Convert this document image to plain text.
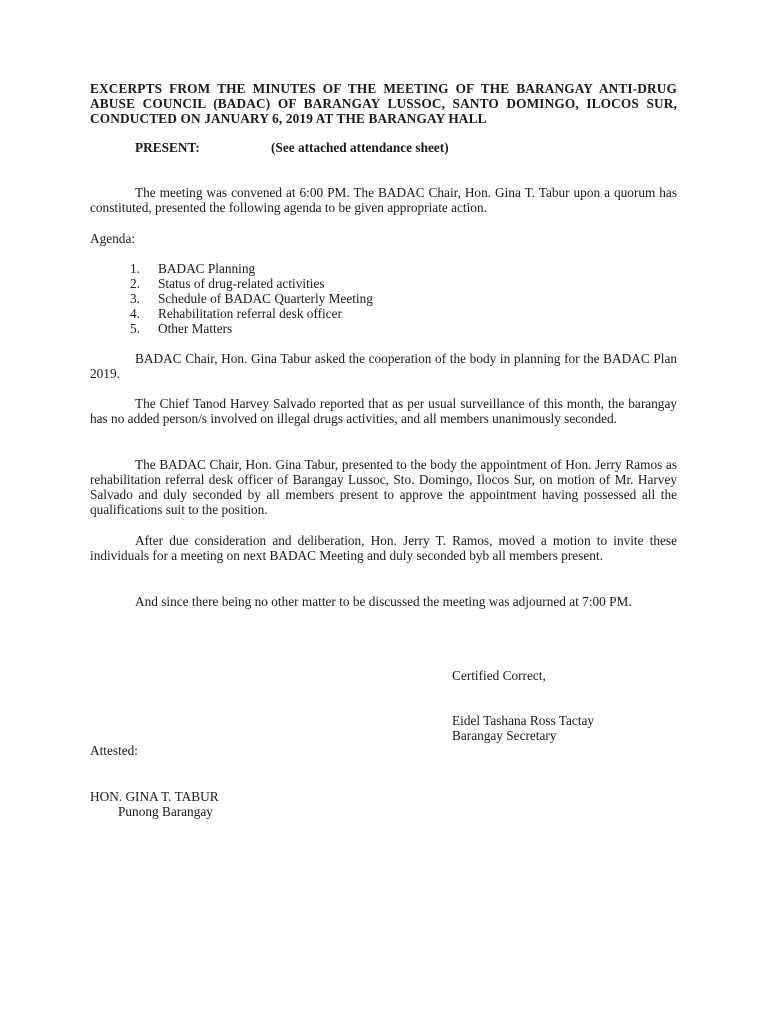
EXCERPTS FROM THE MINUTES OF THE MEETING OF THE BARANGAY ANTI-DRUG ABUSE COUNCIL (BADAC) OF BARANGAY LUSSOC, SANTO DOMINGO, ILOCOS SUR, CONDUCTED ON JANUARY 6, 2019 AT THE BARANGAY HALL
PRESENT:	(See attached attendance sheet)
The meeting was convened at 6:00 PM. The BADAC Chair, Hon. Gina T. Tabur upon a quorum has constituted, presented the following agenda to be given appropriate action.
Agenda:
1. BADAC Planning
2. Status of drug-related activities
3. Schedule of BADAC Quarterly Meeting
4. Rehabilitation referral desk officer
5. Other Matters
BADAC Chair, Hon. Gina Tabur asked the cooperation of the body in planning for the BADAC Plan 2019.
The Chief Tanod Harvey Salvado reported that as per usual surveillance of this month, the barangay has no added person/s involved on illegal drugs activities, and all members unanimously seconded.
The BADAC Chair, Hon. Gina Tabur, presented to the body the appointment of Hon. Jerry Ramos as rehabilitation referral desk officer of Barangay Lussoc, Sto. Domingo, Ilocos Sur, on motion of Mr. Harvey Salvado and duly seconded by all members present to approve the appointment having possessed all the qualifications suit to the position.
After due consideration and deliberation, Hon. Jerry T. Ramos, moved a motion to invite these individuals for a meeting on next BADAC Meeting and duly seconded byb all members present.
And since there being no other matter to be discussed the meeting was adjourned at 7:00 PM.
Certified Correct,
Eidel Tashana Ross Tactay
Barangay Secretary
Attested:
HON. GINA T. TABUR
Punong Barangay
